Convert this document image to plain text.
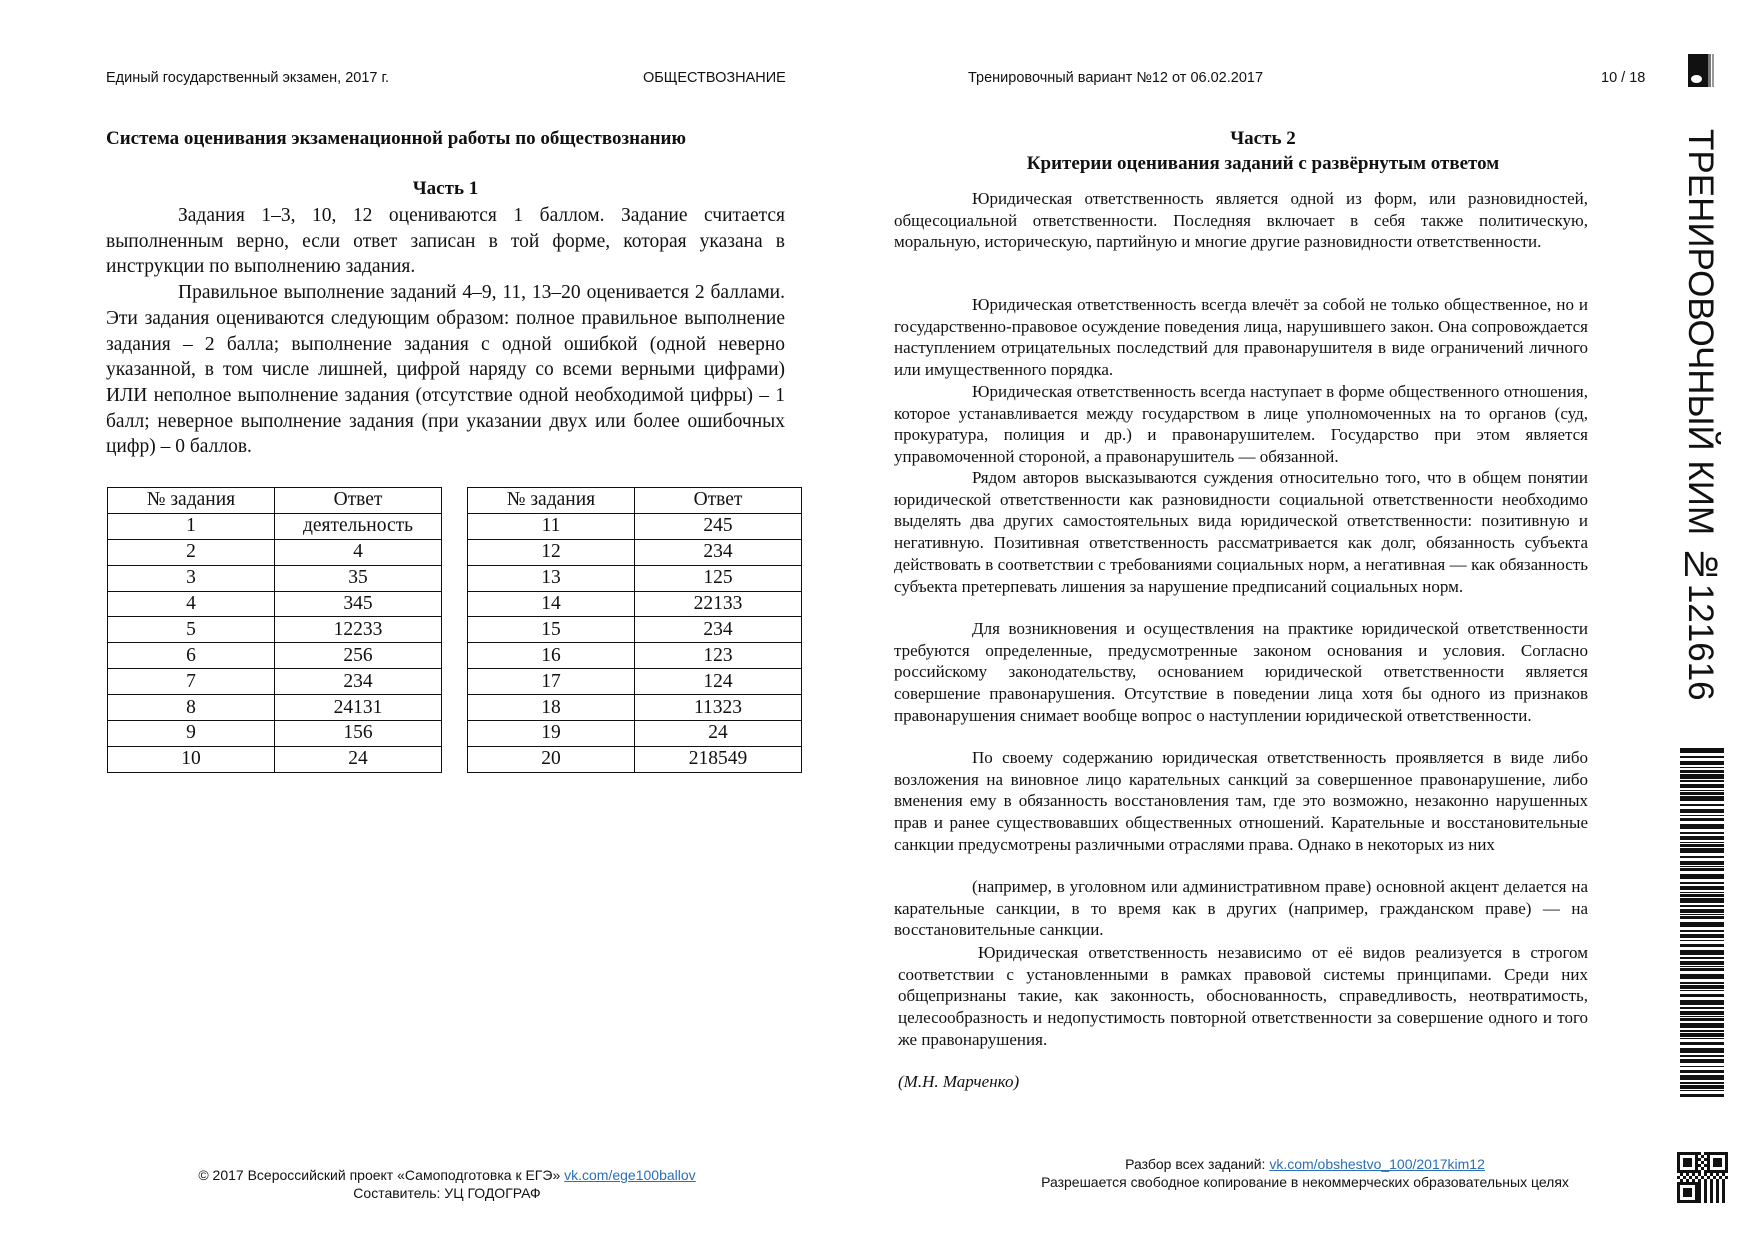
Единый государственный экзамен, 2017 г.	ОБЩЕСТВОЗНАНИЕ	Тренировочный вариант №12 от 06.02.2017	10 / 18
ТРЕНИРОВОЧНЫЙ КИМ №121616
Система оценивания экзаменационной работы по обществознанию
Часть 1

Задания 1–3, 10, 12 оцениваются 1 баллом. Задание считается выполненным верно, если ответ записан в той форме, которая указана в инструкции по выполнению задания.

Правильное выполнение заданий 4–9, 11, 13–20 оценивается 2 баллами. Эти задания оцениваются следующим образом: полное правильное выполнение задания – 2 балла; выполнение задания с одной ошибкой (одной неверно указанной, в том числе лишней, цифрой наряду со всеми верными цифрами) ИЛИ неполное выполнение задания (отсутствие одной необходимой цифры) – 1 балл; неверное выполнение задания (при указании двух или более ошибочных цифр) – 0 баллов.

№ задания	Ответ
1	деятельность
2	4
3	35
4	345
5	12233
6	256
7	234
8	24131
9	156
10	24
№ задания	Ответ
11	245
12	234
13	125
14	22133
15	234
16	123
17	124
18	11323
19	24
20	218549
Часть 2
Критерии оценивания заданий с развёрнутым ответом

Юридическая ответственность является одной из форм, или разновидностей, общесоциальной ответственности. Последняя включает в себя также политическую, моральную, историческую, партийную и многие другие разновидности ответственности.

Юридическая ответственность всегда влечёт за собой не только общественное, но и государственно-правовое осуждение поведения лица, нарушившего закон. Она сопровождается наступлением отрицательных последствий для правонарушителя в виде ограничений личного или имущественного порядка.

Юридическая ответственность всегда наступает в форме общественного отношения, которое устанавливается между государством в лице уполномоченных на то органов (суд, прокуратура, полиция и др.) и правонарушителем. Государство при этом является управомоченной стороной, а правонарушитель — обязанной.

Рядом авторов высказываются суждения относительно того, что в общем понятии юридической ответственности как разновидности социальной ответственности необходимо выделять два других самостоятельных вида юридической ответственности: позитивную и негативную. Позитивная ответственность рассматривается как долг, обязанность субъекта действовать в соответствии с требованиями социальных норм, а негативная — как обязанность субъекта претерпевать лишения за нарушение предписаний социальных норм.

Для возникновения и осуществления на практике юридической ответственности требуются определенные, предусмотренные законом основания и условия. Согласно российскому законодательству, основанием юридической ответственности является совершение правонарушения. Отсутствие в поведении лица хотя бы одного из признаков правонарушения снимает вообще вопрос о наступлении юридической ответственности.

По своему содержанию юридическая ответственность проявляется в виде либо возложения на виновное лицо карательных санкций за совершенное правонарушение, либо вменения ему в обязанность восстановления там, где это возможно, незаконно нарушенных прав и ранее существовавших общественных отношений. Карательные и восстановительные санкции предусмотрены различными отраслями права. Однако в некоторых из них

(например, в уголовном или административном праве) основной акцент делается на карательные санкции, в то время как в других (например, гражданском праве) — на восстановительные санкции.

Юридическая ответственность независимо от её видов реализуется в строгом соответствии с установленными в рамках правовой системы принципами. Среди них общепризнаны такие, как законность, обоснованность, справедливость, неотвратимость, целесообразность и недопустимость повторной ответственности за совершение одного и того же правонарушения.

(М.Н. Марченко)
© 2017 Всероссийский проект «Самоподготовка к ЕГЭ» vk.com/ege100ballov
Составитель: УЦ ГОДОГРАФ
Разбор всех заданий: vk.com/obshestvo_100/2017kim12
Разрешается свободное копирование в некоммерческих образовательных целях
